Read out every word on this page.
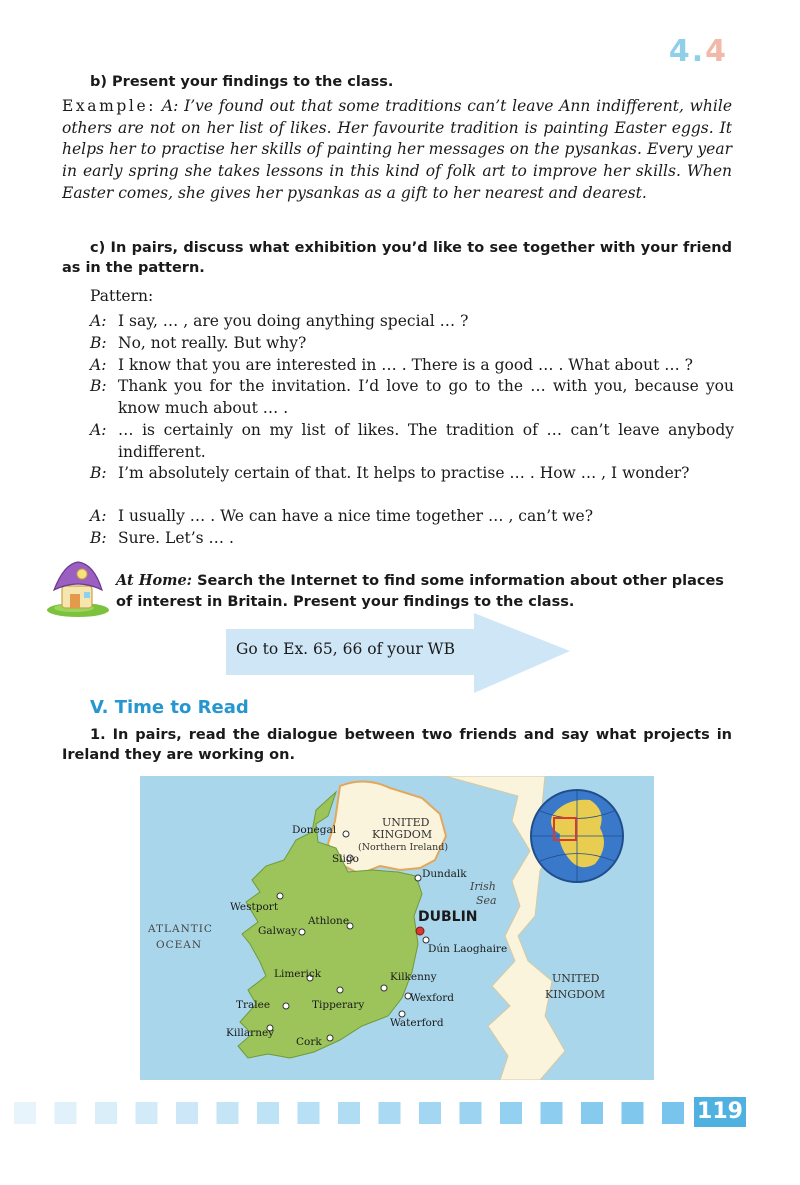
4.4
b) Present your findings to the class.
Example: A: I’ve found out that some traditions can’t leave Ann indifferent, while others are not on her list of likes. Her favourite tradition is painting Easter eggs. It helps her to practise her skills of painting her messages on the pysankas. Every year in early spring she takes lessons in this kind of folk art to improve her skills. When Easter comes, she gives her pysankas as a gift to her nearest and dearest.
c) In pairs, discuss what exhibition you’d like to see together with your friend as in the pattern.
Pattern:
A: I say, … , are you doing anything special … ?
B: No, not really. But why?
A: I know that you are interested in … . There is a good … . What about … ?
B: Thank you for the invitation. I’d love to go to the … with you, because you know much about … .
A: … is certainly on my list of likes. The tradition of … can’t leave anybody indifferent.
B: I’m absolutely certain of that. It helps to practise … . How … , I wonder?
A: I usually … . We can have a nice time together … , can’t we?
B: Sure. Let’s … .
At Home: Search the Internet to find some information about other places of interest in Britain. Present your findings to the class.
Go to Ex. 65, 66 of your WB
V. Time to Read
1. In pairs, read the dialogue between two friends and say what projects in Ireland they are working on.
UNITED
KINGDOM
(Northern Ireland)
UNITED
KINGDOM
ATLANTIC
OCEAN
Irish
Sea
DUBLIN
Donegal
Sligo
Dundalk
Westport
Athlone
Galway
Dún Laoghaire
Limerick	Kilkenny
Tralee	Tipperary
Wexford
Killarney
Waterford
Cork
119
